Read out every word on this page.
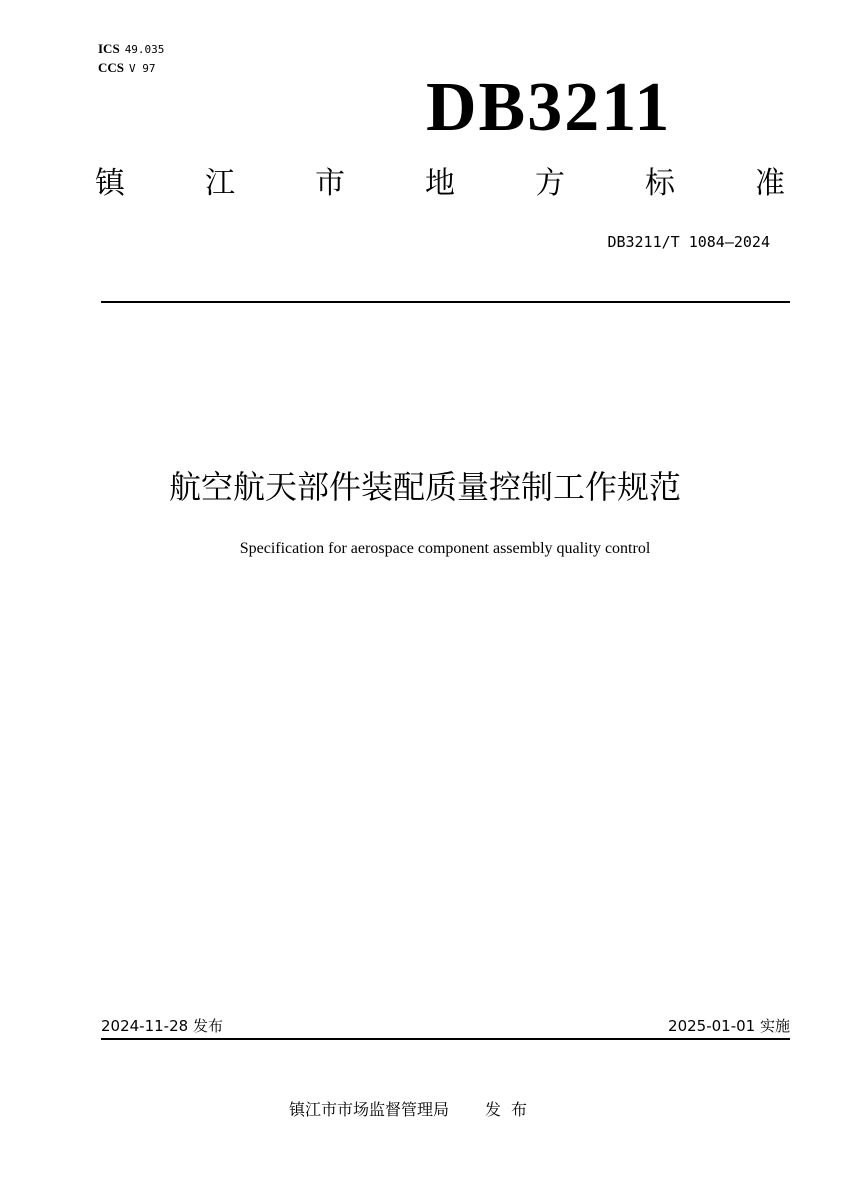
ICS 49.035
CCS V 97
DB3211
镇	江	市	地	方	标	准
DB3211/T 1084—2024
航空航天部件装配质量控制工作规范
Specification for aerospace component assembly quality control
2024-11-28 发布	2025-01-01 实施
镇江市市场监督管理局 发布
